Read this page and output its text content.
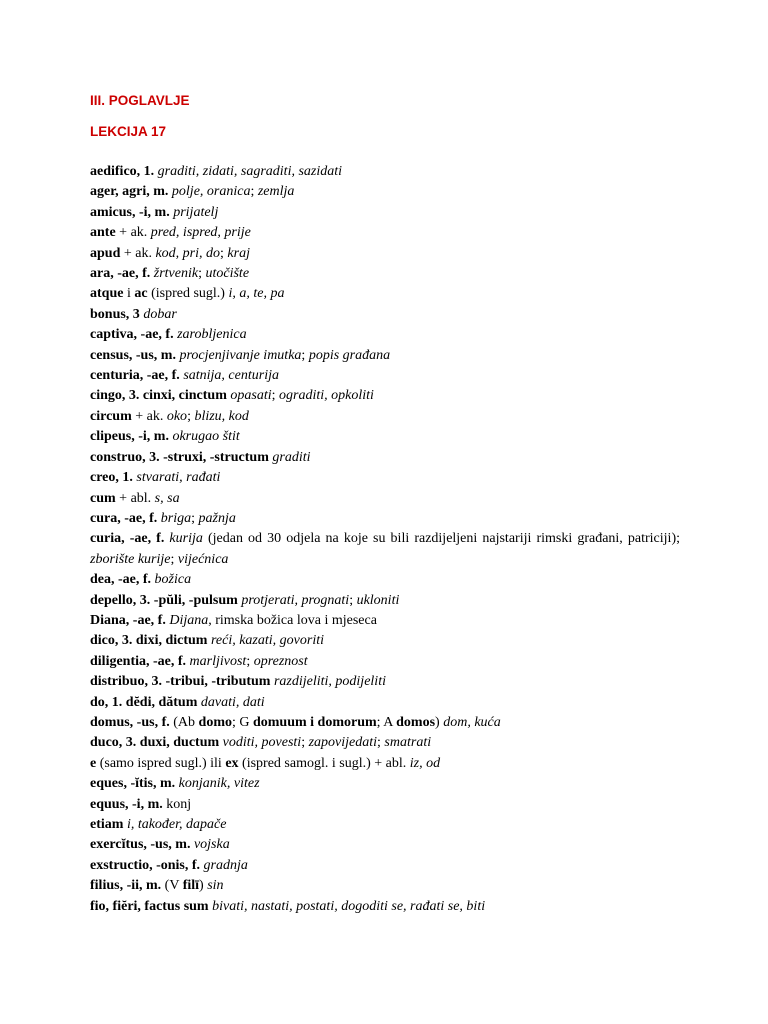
III. POGLAVLJE
LEKCIJA 17
aedifico, 1. graditi, zidati, sagraditi, sazidati
ager, agri, m. polje, oranica; zemlja
amicus, -i, m. prijatelj
ante + ak. pred, ispred, prije
apud + ak. kod, pri, do; kraj
ara, -ae, f. žrtvenik; utočište
atque i ac (ispred sugl.) i, a, te, pa
bonus, 3 dobar
captiva, -ae, f. zarobljenica
census, -us, m. procjenjivanje imutka; popis građana
centuria, -ae, f. satnija, centurija
cingo, 3. cinxi, cinctum opasati; ograditi, opkoliti
circum + ak. oko; blizu, kod
clipeus, -i, m. okrugao štit
construo, 3. -struxi, -structum graditi
creo, 1. stvarati, rađati
cum + abl. s, sa
cura, -ae, f. briga; pažnja
curia, -ae, f. kurija (jedan od 30 odjela na koje su bili razdijeljeni najstariji rimski građani, patriciji); zborište kurije; vijećnica
dea, -ae, f. božica
depello, 3. -pŭli, -pulsum protjerati, prognati; ukloniti
Diana, -ae, f. Dijana, rimska božica lova i mjeseca
dico, 3. dixi, dictum reći, kazati, govoriti
diligentia, -ae, f. marljivost; opreznost
distribuo, 3. -tribui, -tributum razdijeliti, podijeliti
do, 1. dĕdi, dătum davati, dati
domus, -us, f. (Ab domo; G domuum i domorum; A domos) dom, kuća
duco, 3. duxi, ductum voditi, povesti; zapovijedati; smatrati
e (samo ispred sugl.) ili ex (ispred samogl. i sugl.) + abl. iz, od
eques, -ĭtis, m. konjanik, vitez
equus, -i, m. konj
etiam i, također, dapače
exercĭtus, -us, m. vojska
exstructio, -onis, f. gradnja
filius, -ii, m. (V filī) sin
fio, fiĕri, factus sum bivati, nastati, postati, dogoditi se, rađati se, biti
